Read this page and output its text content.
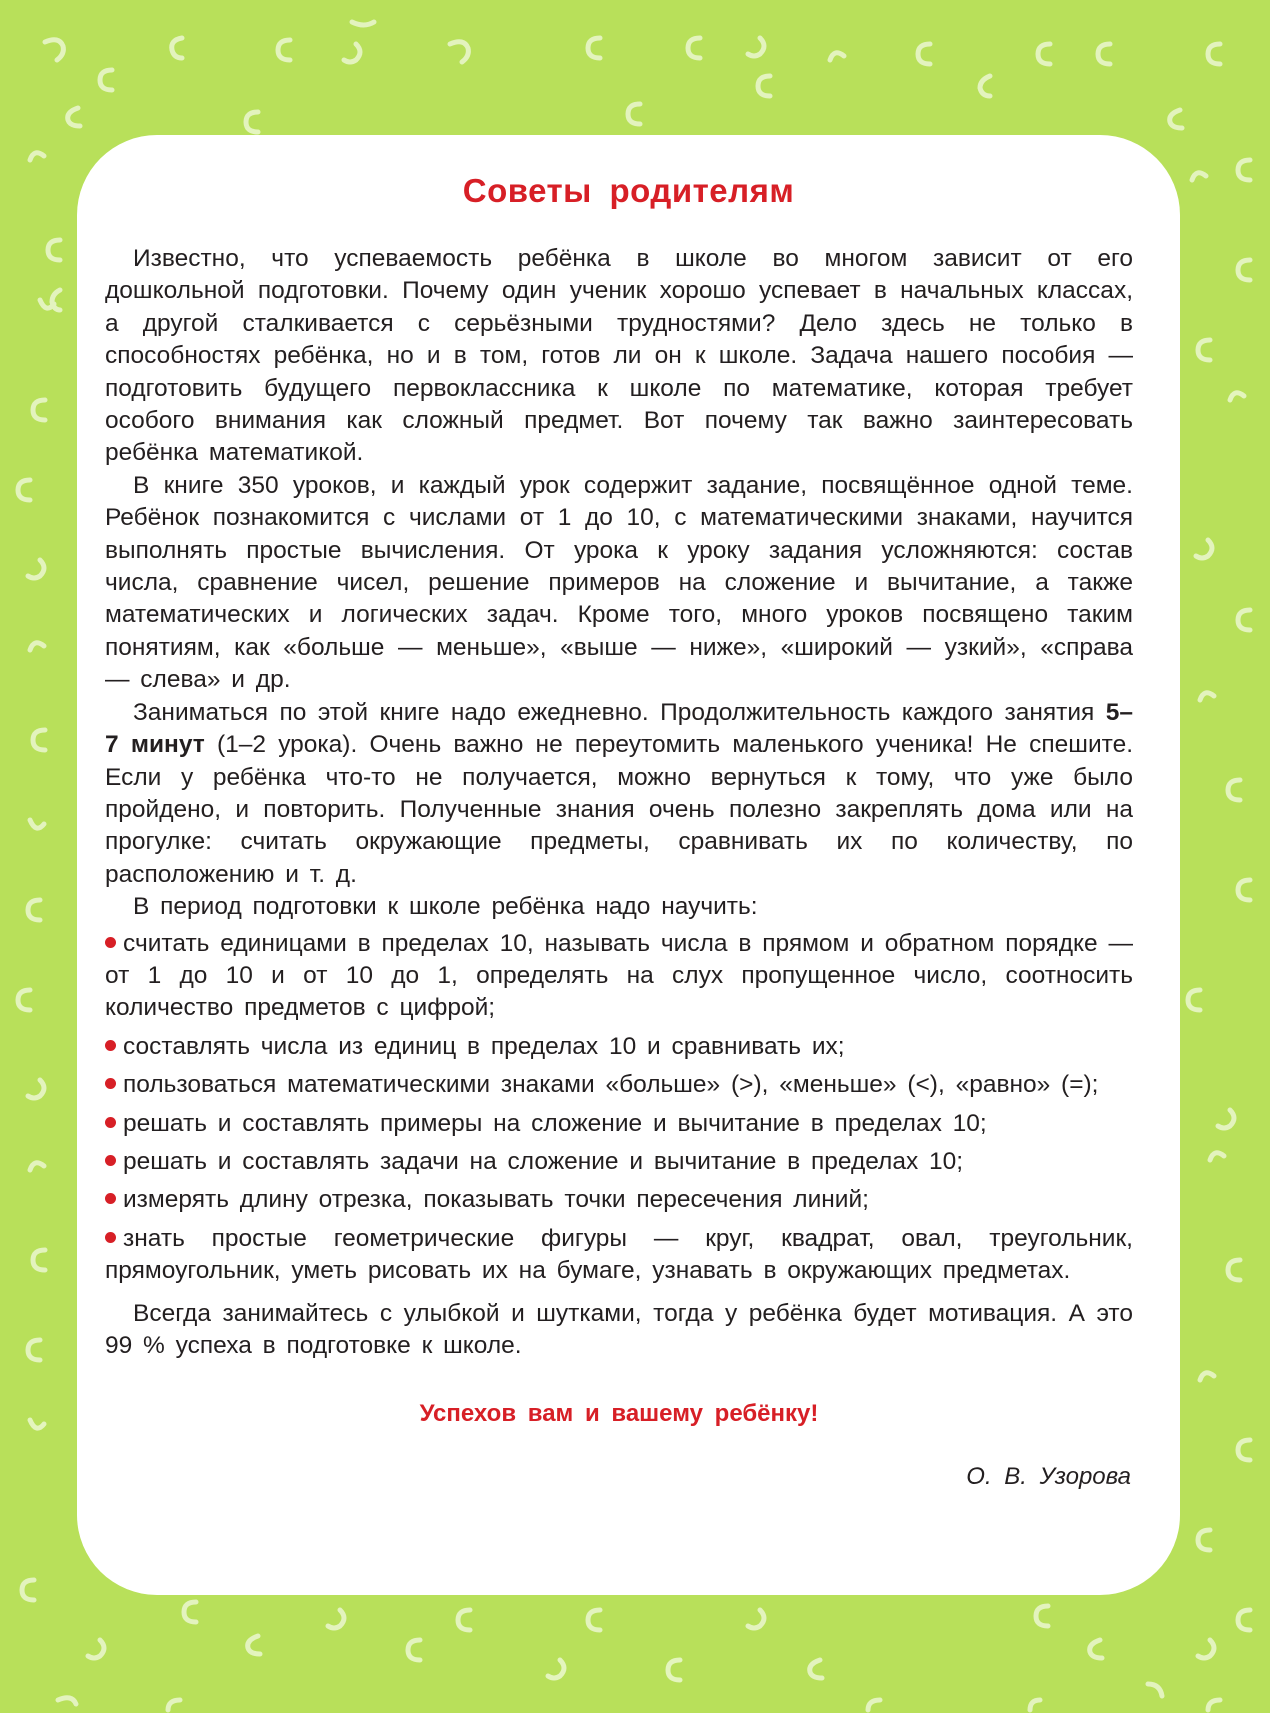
Советы родителям

Известно, что успеваемость ребёнка в школе во многом зависит от его дошкольной подготовки. Почему один ученик хорошо успевает в начальных классах, а другой сталкивается с серьёзными трудностями? Дело здесь не только в способностях ребёнка, но и в том, готов ли он к школе. Задача нашего пособия — подготовить будущего первоклассника к школе по математике, которая требует особого внимания как сложный предмет. Вот почему так важно заинтересовать ребёнка математикой.

В книге 350 уроков, и каждый урок содержит задание, посвящённое одной теме. Ребёнок познакомится с числами от 1 до 10, с математическими знаками, научится выполнять простые вычисления. От урока к уроку задания усложняются: состав числа, сравнение чисел, решение примеров на сложение и вычитание, а также математических и логических задач. Кроме того, много уроков посвящено таким понятиям, как «больше — меньше», «выше — ниже», «широкий — узкий», «справа — слева» и др.

Заниматься по этой книге надо ежедневно. Продолжительность каждого занятия 5–7 минут (1–2 урока). Очень важно не переутомить маленького ученика! Не спешите. Если у ребёнка что-то не получается, можно вернуться к тому, что уже было пройдено, и повторить. Полученные знания очень полезно закреплять дома или на прогулке: считать окружающие предметы, сравнивать их по количеству, по расположению и т. д.

В период подготовки к школе ребёнка надо научить:

считать единицами в пределах 10, называть числа в прямом и обратном порядке — от 1 до 10 и от 10 до 1, определять на слух пропущенное число, соотносить количество предметов с цифрой;
составлять числа из единиц в пределах 10 и сравнивать их;
пользоваться математическими знаками «больше» (>), «меньше» (<), «равно» (=);
решать и составлять примеры на сложение и вычитание в пределах 10;
решать и составлять задачи на сложение и вычитание в пределах 10;
измерять длину отрезка, показывать точки пересечения линий;
знать простые геометрические фигуры — круг, квадрат, овал, треугольник, прямоугольник, уметь рисовать их на бумаге, узнавать в окружающих предметах.

Всегда занимайтесь с улыбкой и шутками, тогда у ребёнка будет мотивация. А это 99 % успеха в подготовке к школе.

Успехов вам и вашему ребёнку!
О. В. Узорова
